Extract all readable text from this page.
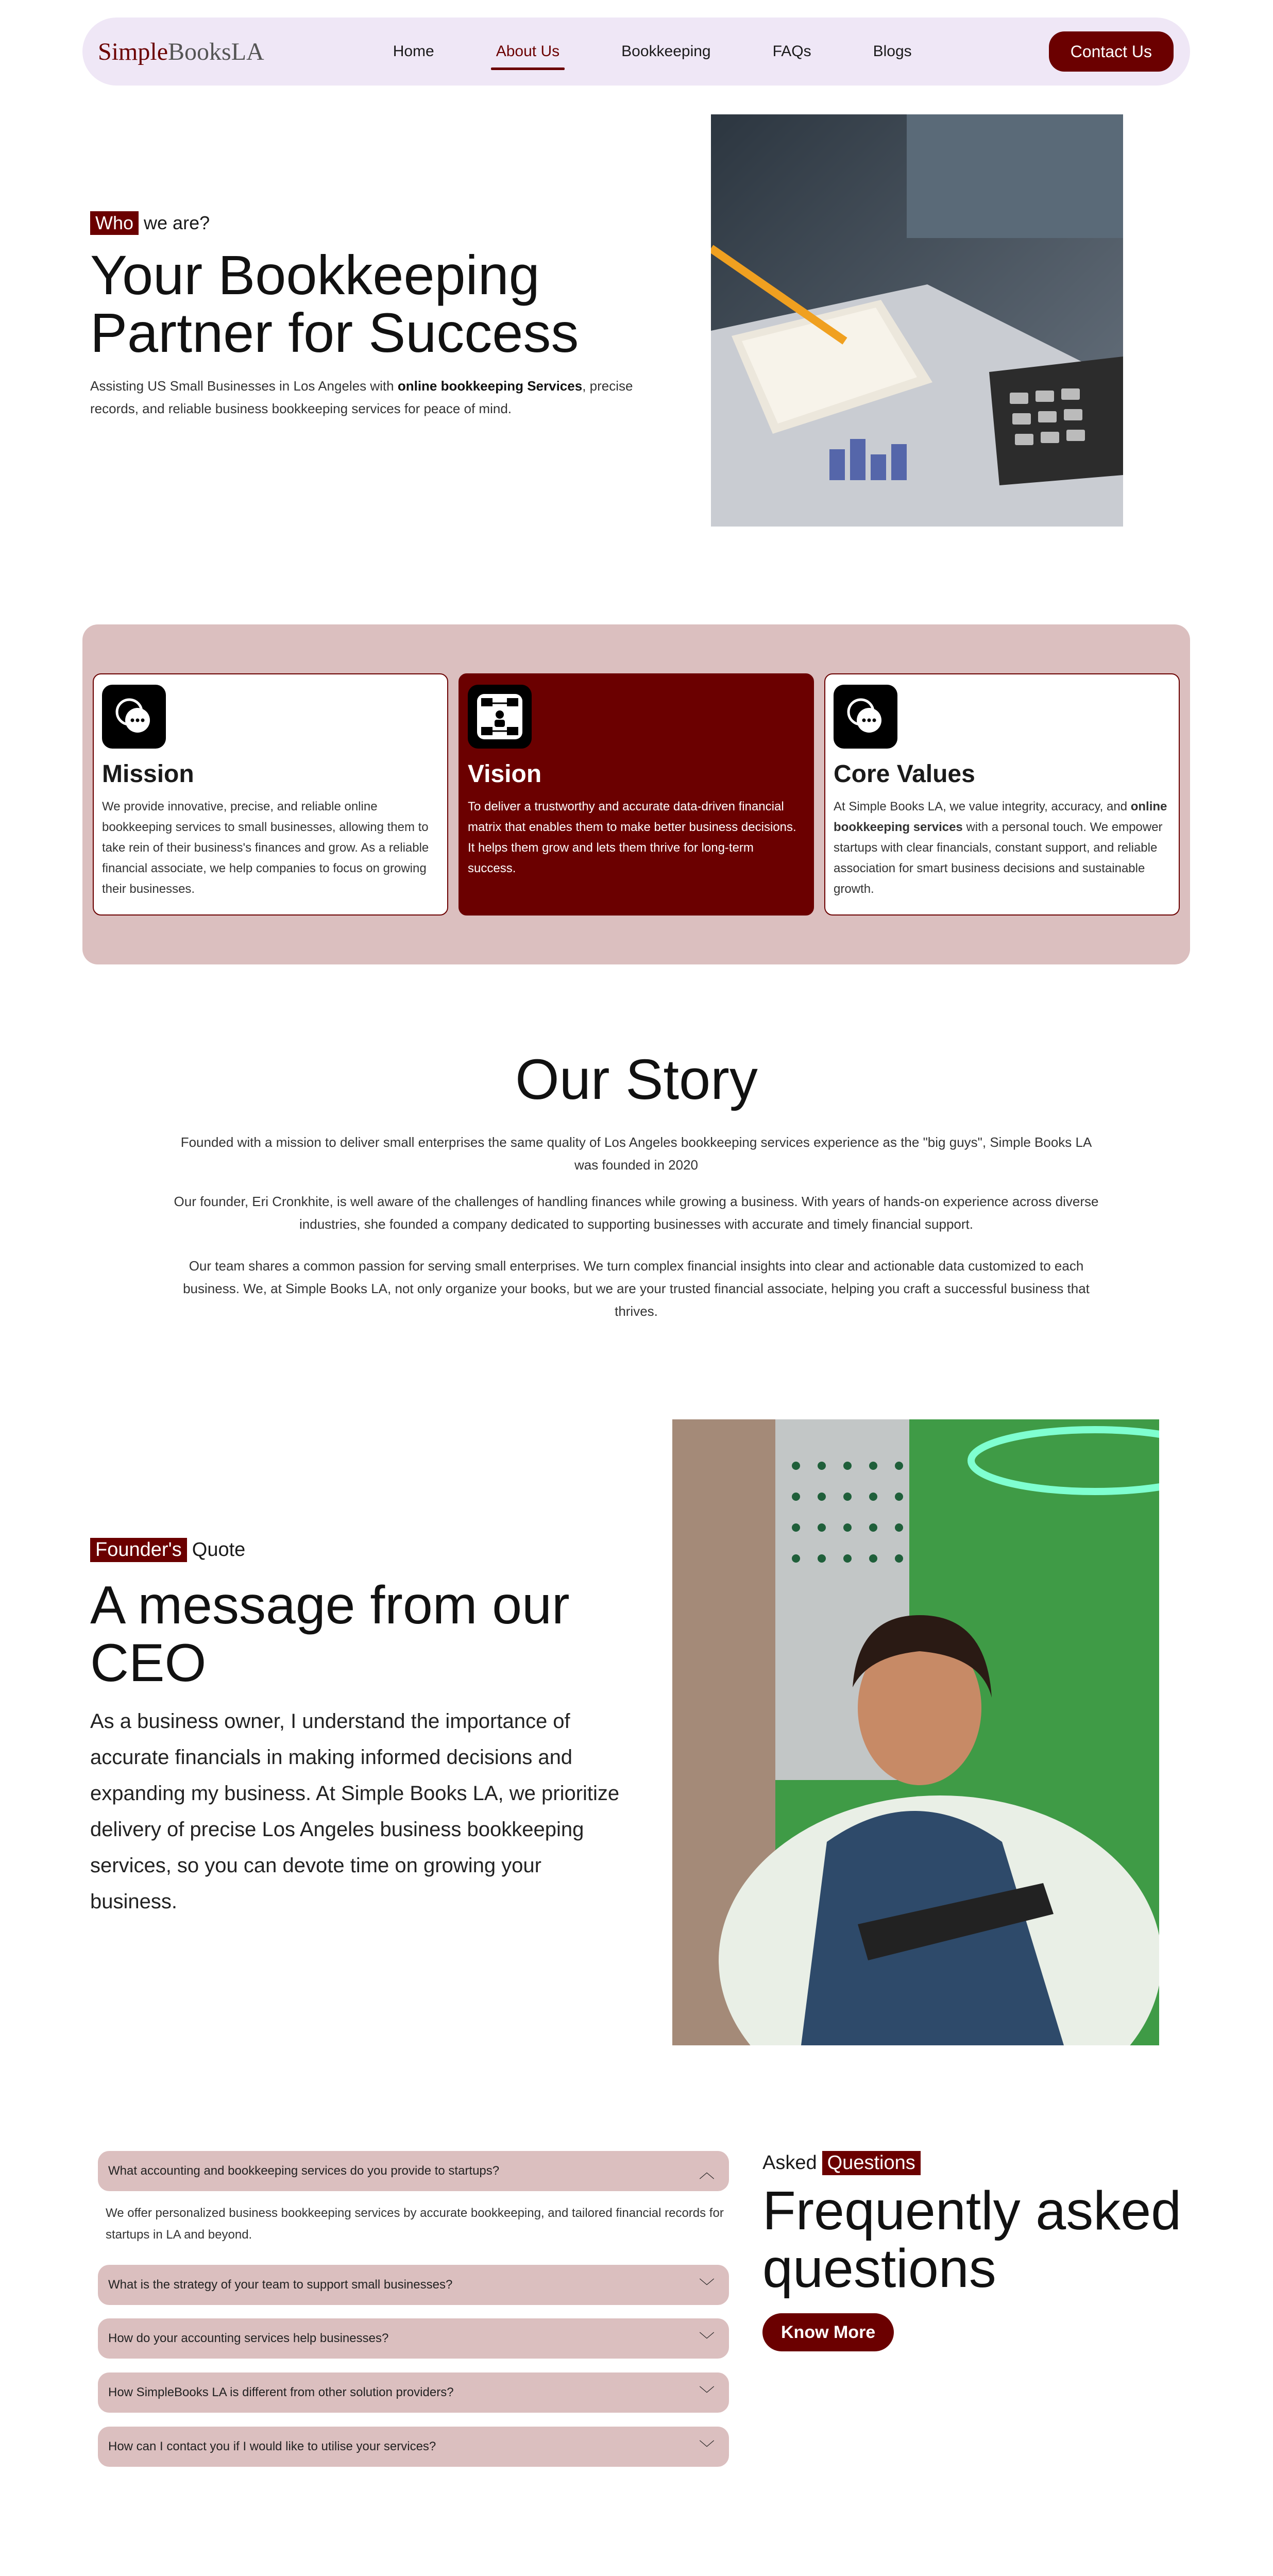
Simple BooksLA	Home	About Us	Bookkeeping	FAQs	Blogs	Contact Us
Who we are?
Your Bookkeeping Partner for Success

Assisting US Small Businesses in Los Angeles with online bookkeeping Services, precise records, and reliable business bookkeeping services for peace of mind.

Mission

We provide innovative, precise, and reliable online bookkeeping services to small businesses, allowing them to take rein of their business's finances and grow. As a reliable financial associate, we help companies to focus on growing their businesses.

Vision

To deliver a trustworthy and accurate data-driven financial matrix that enables them to make better business decisions. It helps them grow and lets them thrive for long-term success.

Core Values

At Simple Books LA, we value integrity, accuracy, and online bookkeeping services with a personal touch. We empower startups with clear financials, constant support, and reliable association for smart business decisions and sustainable growth.

Our Story

Founded with a mission to deliver small enterprises the same quality of Los Angeles bookkeeping services experience as the "big guys", Simple Books LA was founded in 2020

Our founder, Eri Cronkhite, is well aware of the challenges of handling finances while growing a business. With years of hands-on experience across diverse industries, she founded a company dedicated to supporting businesses with accurate and timely financial support.

Our team shares a common passion for serving small enterprises. We turn complex financial insights into clear and actionable data customized to each business. We, at Simple Books LA, not only organize your books, but we are your trusted financial associate, helping you craft a successful business that thrives.

Founder's Quote
A message from our CEO

As a business owner, I understand the importance of accurate financials in making informed decisions and expanding my business. At Simple Books LA, we prioritize delivery of precise Los Angeles business bookkeeping services, so you can devote time on growing your business.

What accounting and bookkeeping services do you provide to startups?	︿

We offer personalized business bookkeeping services by accurate bookkeeping, and tailored financial records for startups in LA and beyond.

What is the strategy of your team to support small businesses?	﹀
How do your accounting services help businesses?	﹀
How SimpleBooks LA is different from other solution providers?	﹀
How can I contact you if I would like to utilise your services?	﹀
Asked Questions
Frequently asked questions
Know More
